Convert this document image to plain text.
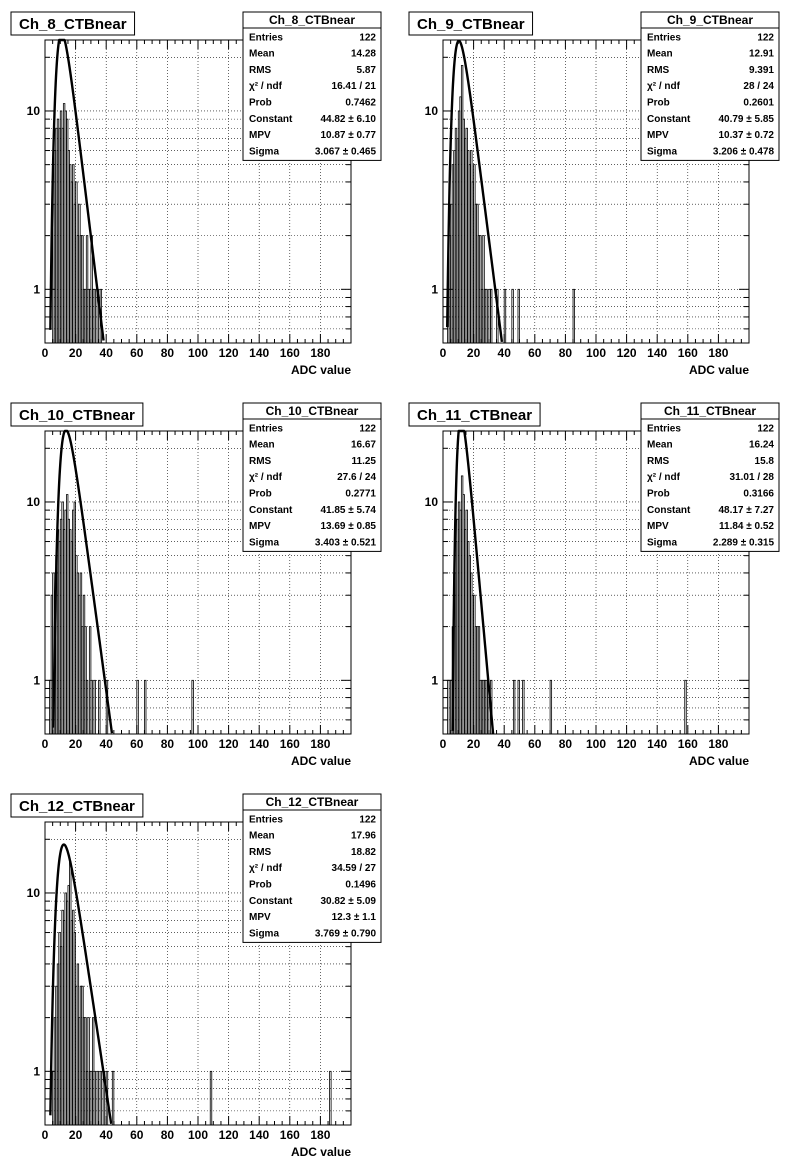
0 20 40 60 80 100 120 140 160 180
1
10
ADC value
Ch_8_CTBnear	Ch_8_CTBnear
Entries	122
Mean	14.28
RMS	5.87
χ² / ndf	16.41 / 21
Prob	0.7462
Constant	44.82 ± 6.10
MPV	10.87 ± 0.77
Sigma	3.067 ± 0.465
0 20 40 60 80 100 120 140 160 180
1
10
ADC value
Ch_9_CTBnear	Ch_9_CTBnear
Entries	122
Mean	12.91
RMS	9.391
χ² / ndf	28 / 24
Prob	0.2601
Constant	40.79 ± 5.85
MPV	10.37 ± 0.72
Sigma	3.206 ± 0.478
0 20 40 60 80 100 120 140 160 180
1
10
ADC value
Ch_10_CTBnear	Ch_10_CTBnear
Entries	122
Mean	16.67
RMS	11.25
χ² / ndf	27.6 / 24
Prob	0.2771
Constant	41.85 ± 5.74
MPV	13.69 ± 0.85
Sigma	3.403 ± 0.521
0 20 40 60 80 100 120 140 160 180
1
10
ADC value
Ch_11_CTBnear	Ch_11_CTBnear
Entries	122
Mean	16.24
RMS	15.8
χ² / ndf	31.01 / 28
Prob	0.3166
Constant	48.17 ± 7.27
MPV	11.84 ± 0.52
Sigma	2.289 ± 0.315
0 20 40 60 80 100 120 140 160 180
1
10
ADC value
Ch_12_CTBnear	Ch_12_CTBnear
Entries	122
Mean	17.96
RMS	18.82
χ² / ndf	34.59 / 27
Prob	0.1496
Constant	30.82 ± 5.09
MPV	12.3 ± 1.1
Sigma	3.769 ± 0.790
